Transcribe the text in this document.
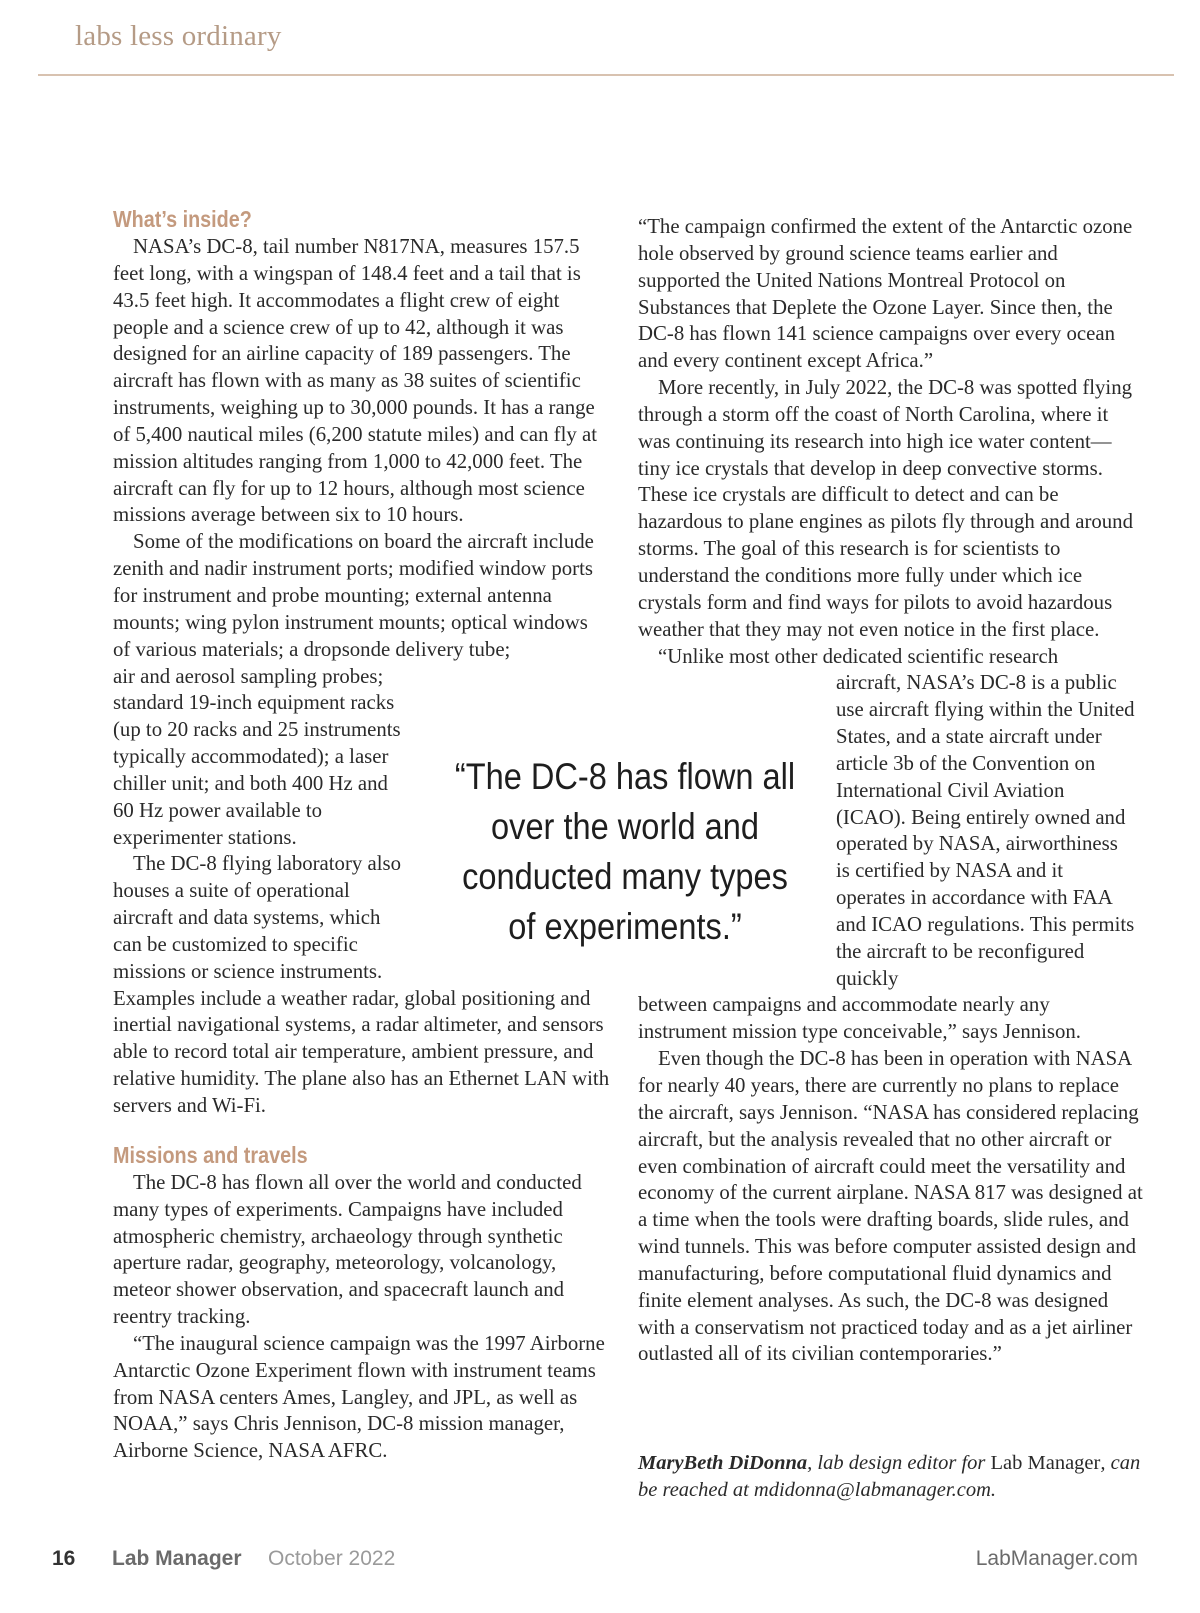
labs less ordinary
What’s inside?

NASA’s DC-8, tail number N817NA, measures 157.5 feet long, with a wingspan of 148.4 feet and a tail that is 43.5 feet high. It accommodates a flight crew of eight people and a science crew of up to 42, although it was designed for an airline capacity of 189 passengers. The aircraft has flown with as many as 38 suites of scientific instruments, weighing up to 30,000 pounds. It has a range of 5,400 nautical miles (6,200 statute miles) and can fly at mission altitudes ranging from 1,000 to 42,000 feet. The aircraft can fly for up to 12 hours, although most science missions average between six to 10 hours.

Some of the modifications on board the aircraft include zenith and nadir instrument ports; modified window ports for instrument and probe mounting; external antenna mounts; wing pylon instrument mounts; optical windows of various materials; a dropsonde delivery tube;

air and aerosol sampling probes; standard 19-inch equipment racks (up to 20 racks and 25 instruments typically accommodated); a laser chiller unit; and both 400 Hz and 60 Hz power available to experimenter stations.

The DC-8 flying laboratory also houses a suite of operational aircraft and data systems, which can be customized to specific missions or science instruments.

Examples include a weather radar, global positioning and inertial navigational systems, a radar altimeter, and sensors able to record total air temperature, ambient pressure, and relative humidity. The plane also has an Ethernet LAN with servers and Wi-Fi.

Missions and travels

The DC-8 has flown all over the world and conducted many types of experiments. Campaigns have included atmospheric chemistry, archaeology through synthetic aperture radar, geography, meteorology, volcanology, meteor shower observation, and spacecraft launch and reentry tracking.

“The inaugural science campaign was the 1997 Airborne Antarctic Ozone Experiment flown with instrument teams from NASA centers Ames, Langley, and JPL, as well as NOAA,” says Chris Jennison, DC-8 mission manager, Airborne Science, NASA AFRC.

“The campaign confirmed the extent of the Antarctic ozone hole observed by ground science teams earlier and supported the United Nations Montreal Protocol on Substances that Deplete the Ozone Layer. Since then, the DC-8 has flown 141 science campaigns over every ocean and every continent except Africa.”

More recently, in July 2022, the DC-8 was spotted flying through a storm off the coast of North Carolina, where it was continuing its research into high ice water content—tiny ice crystals that develop in deep convective storms. These ice crystals are difficult to detect and can be hazardous to plane engines as pilots fly through and around storms. The goal of this research is for scientists to understand the conditions more fully under which ice crystals form and find ways for pilots to avoid hazardous weather that they may not even notice in the first place.

“Unlike most other dedicated scientific research

aircraft, NASA’s DC-8 is a public use aircraft flying within the United States, and a state aircraft under article 3b of the Convention on International Civil Aviation (ICAO). Being entirely owned and operated by NASA, airworthiness is certified by NASA and it operates in accordance with FAA and ICAO regulations. This permits the aircraft to be reconfigured quickly

between campaigns and accommodate nearly any instrument mission type conceivable,” says Jennison.

Even though the DC-8 has been in operation with NASA for nearly 40 years, there are currently no plans to replace the aircraft, says Jennison. “NASA has considered replacing aircraft, but the analysis revealed that no other aircraft or even combination of aircraft could meet the versatility and economy of the current airplane. NASA 817 was designed at a time when the tools were drafting boards, slide rules, and wind tunnels. This was before computer assisted design and manufacturing, before computational fluid dynamics and finite element analyses. As such, the DC-8 was designed with a conservatism not practiced today and as a jet airliner outlasted all of its civilian contemporaries.”

“The DC-8 has flown all over the world and conducted many types of experiments.”
MaryBeth DiDonna, lab design editor for Lab Manager, can be reached at mdidonna@labmanager.com.
16 Lab Manager October 2022	LabManager.com
